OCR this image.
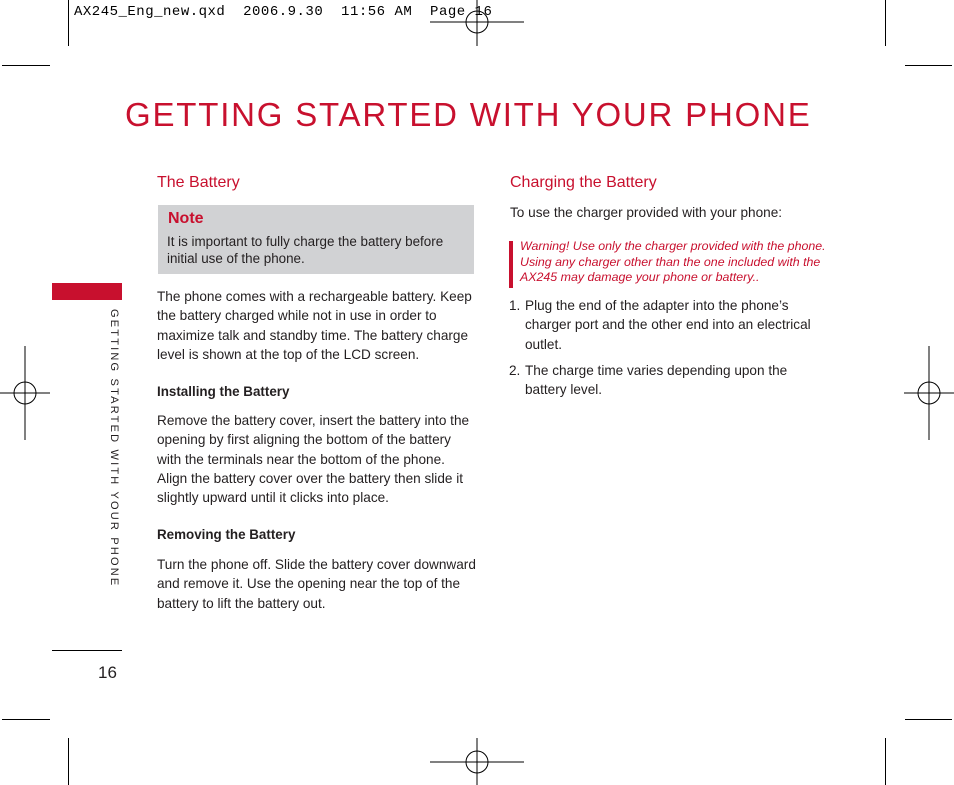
AX245_Eng_new.qxd  2006.9.30  11:56 AM  Page 16
GETTING STARTED WITH YOUR PHONE
GETTING STARTED WITH YOUR PHONE
The Battery
Note
It is important to fully charge the battery before initial use of the phone.
The phone comes with a rechargeable battery. Keep the battery charged while not in use in order to maximize talk and standby time. The battery charge level is shown at the top of the LCD screen.
Installing the Battery
Remove the battery cover, insert the battery into the opening by first aligning the bottom of the battery with the terminals near the bottom of the phone. Align the battery cover over the battery then slide it slightly upward until it clicks into place.
Removing the Battery
Turn the phone off. Slide the battery cover downward and remove it. Use the opening near the top of the battery to lift the battery out.
Charging the Battery
To use the charger provided with your phone:
Warning! Use only the charger provided with the phone. Using any charger other than the one included with the AX245 may damage your phone or battery..
1. Plug the end of the adapter into the phone’s charger port and the other end into an electrical outlet.
2. The charge time varies depending upon the battery level.
16
